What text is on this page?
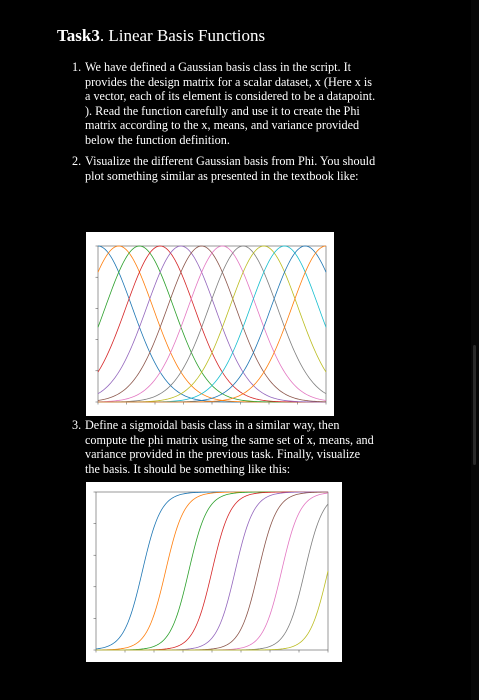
Task3. Linear Basis Functions
1. We have defined a Gaussian basis class in the script. It
provides the design matrix for a scalar dataset, x (Here x is
a vector, each of its element is considered to be a datapoint.
). Read the function carefully and use it to create the Phi
matrix according to the x, means, and variance provided
below the function definition.
2. Visualize the different Gaussian basis from Phi. You should
plot something similar as presented in the textbook like:
3. Define a sigmoidal basis class in a similar way, then
compute the phi matrix using the same set of x, means, and
variance provided in the previous task. Finally, visualize
the basis. It should be something like this:
